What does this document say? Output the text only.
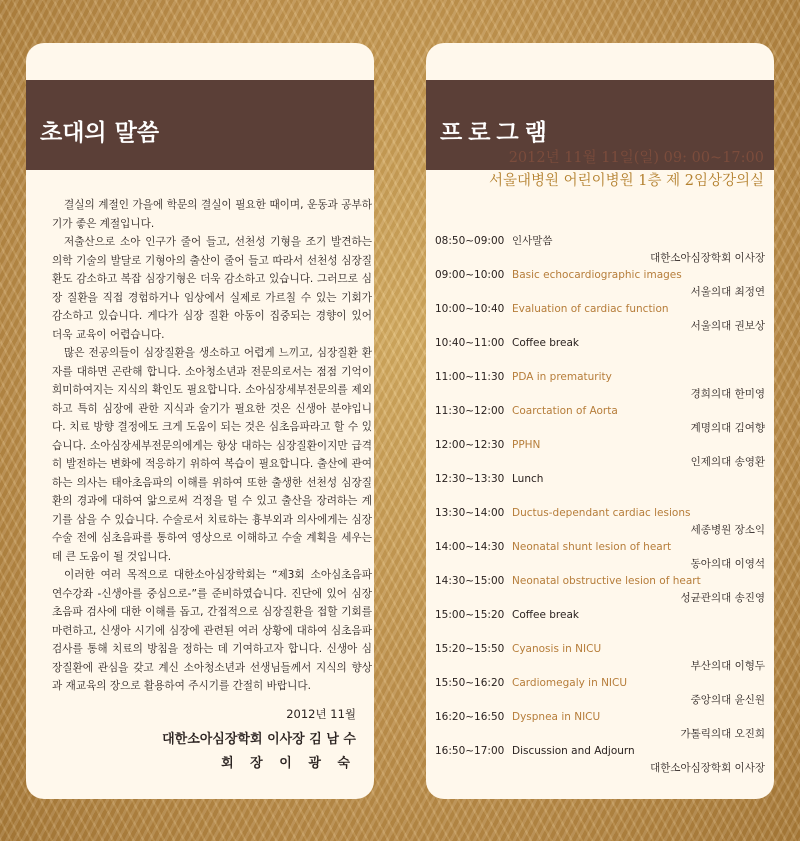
초대의 말씀

결실의 계절인 가을에 학문의 결실이 필요한 때이며, 운동과 공부하기가 좋은 계절입니다.

저출산으로 소아 인구가 줄어 들고, 선천성 기형을 조기 발견하는 의학 기술의 발달로 기형아의 출산이 줄어 들고 따라서 선천성 심장질환도 감소하고 복잡 심장기형은 더욱 감소하고 있습니다. 그러므로 심장 질환을 직접 경험하거나 임상에서 실제로 가르칠 수 있는 기회가 감소하고 있습니다. 게다가 심장 질환 아동이 집중되는 경향이 있어 더욱 교육이 어렵습니다.

많은 전공의들이 심장질환을 생소하고 어렵게 느끼고, 심장질환 환자를 대하면 곤란해 합니다. 소아청소년과 전문의로서는 점점 기억이 희미하여지는 지식의 확인도 필요합니다. 소아심장세부전문의를 제외하고 특히 심장에 관한 지식과 술기가 필요한 것은 신생아 분야입니다. 치료 방향 결정에도 크게 도움이 되는 것은 심초음파라고 할 수 있습니다. 소아심장세부전문의에게는 항상 대하는 심장질환이지만 급격히 발전하는 변화에 적응하기 위하여 복습이 필요합니다. 출산에 관여하는 의사는 태아초음파의 이해를 위하여 또한 출생한 선천성 심장질환의 경과에 대하여 앎으로써 걱정을 덜 수 있고 출산을 장려하는 계기를 삼을 수 있습니다. 수술로서 치료하는 흉부외과 의사에게는 심장수술 전에 심초음파를 통하여 영상으로 이해하고 수술 계획을 세우는 데 큰 도움이 될 것입니다.

이러한 여러 목적으로 대한소아심장학회는 “제3회 소아심초음파 연수강좌 -신생아를 중심으로-”를 준비하였습니다. 진단에 있어 심장초음파 검사에 대한 이해를 돕고, 간접적으로 심장질환을 접할 기회를 마련하고, 신생아 시기에 심장에 관련된 여러 상황에 대하여 심초음파 검사를 통해 치료의 방침을 정하는 데 기여하고자 합니다. 신생아 심장질환에 관심을 갖고 계신 소아청소년과 선생님들께서 지식의 향상 과 재교육의 장으로 활용하여 주시기를 간절히 바랍니다.

2012년 11월
대한소아심장학회 이사장 김 남 수
회 장 이 광 숙
프로그램
2012년 11월 11일(일) 09: 00~17:00
서울대병원 어린이병원 1층 제 2임상강의실
08:50~09:00 인사말씀
대한소아심장학회 이사장
09:00~10:00 Basic echocardiographic images
서울의대 최정연
10:00~10:40 Evaluation of cardiac function
서울의대 권보상
10:40~11:00 Coffee break
11:00~11:30 PDA in prematurity
경희의대 한미영
11:30~12:00 Coarctation of Aorta
계명의대 김여향
12:00~12:30 PPHN
인제의대 송영환
12:30~13:30 Lunch
13:30~14:00 Ductus-dependant cardiac lesions
세종병원 장소익
14:00~14:30 Neonatal shunt lesion of heart
동아의대 이영석
14:30~15:00 Neonatal obstructive lesion of heart
성균관의대 송진영
15:00~15:20 Coffee break
15:20~15:50 Cyanosis in NICU
부산의대 이형두
15:50~16:20 Cardiomegaly in NICU
중앙의대 윤신원
16:20~16:50 Dyspnea in NICU
가톨릭의대 오진희
16:50~17:00 Discussion and Adjourn
대한소아심장학회 이사장
